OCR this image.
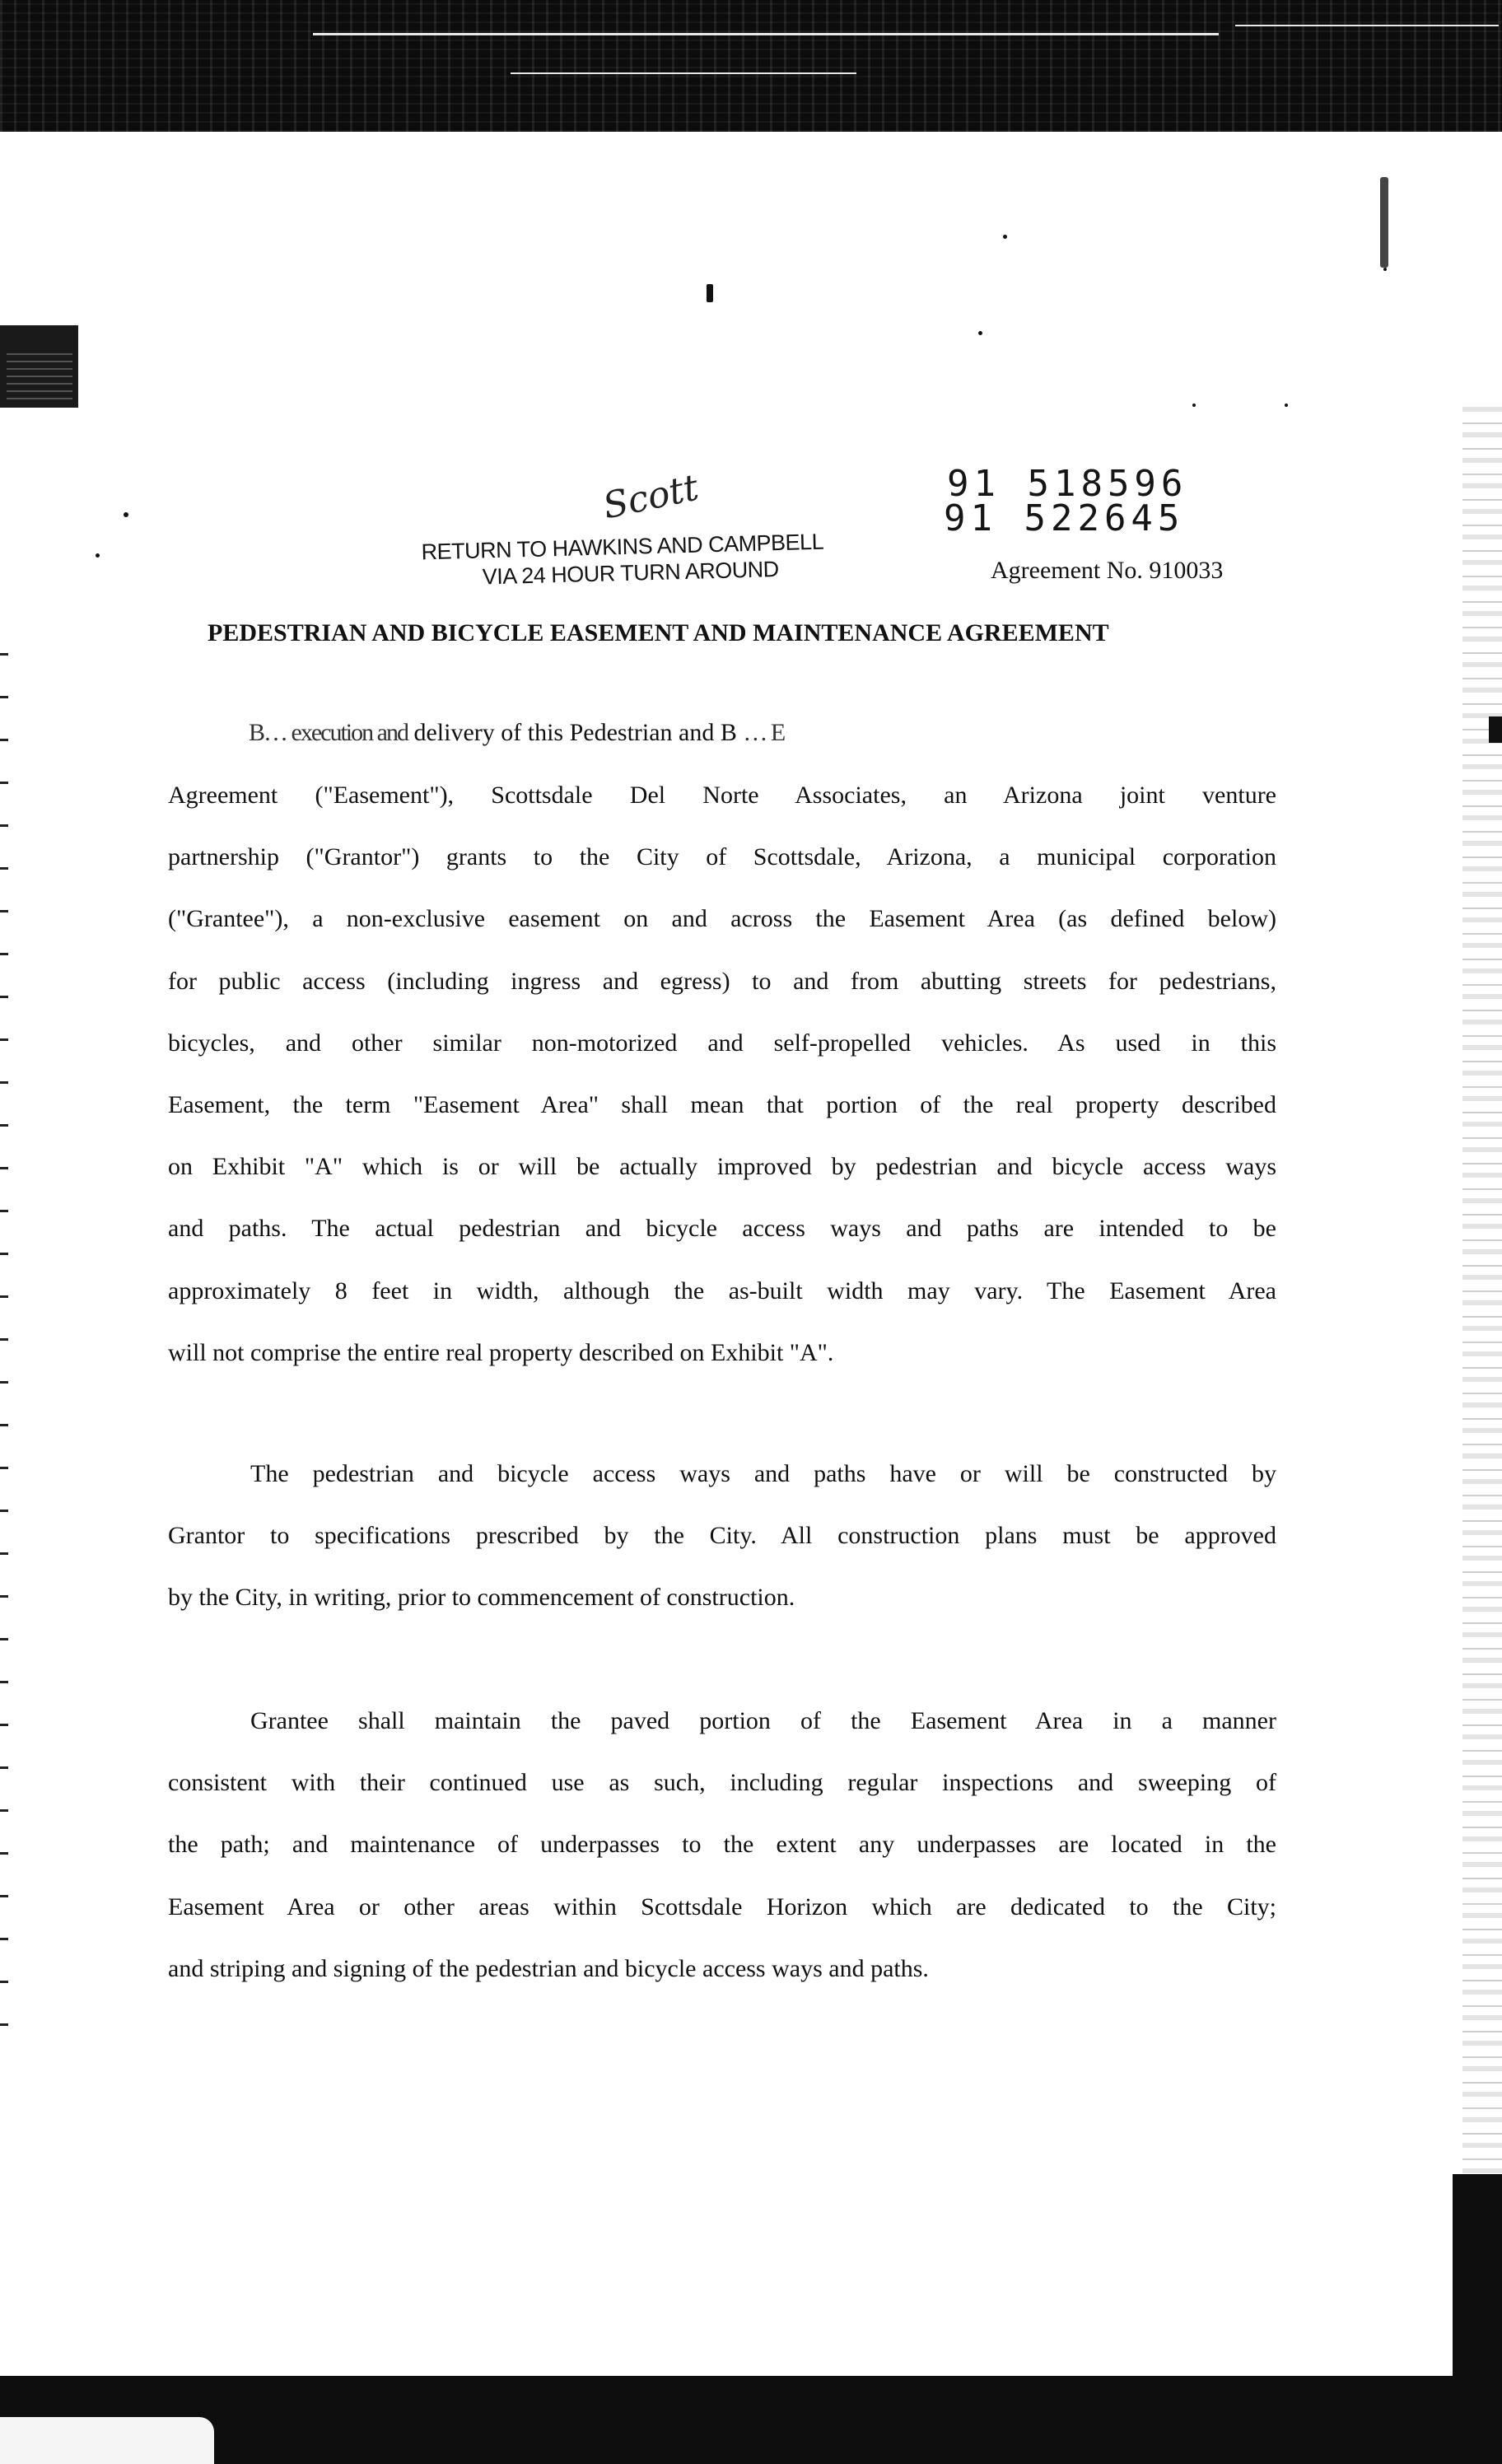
91 518596
91 522645
Scott
RETURN TO HAWKINS AND CAMPBELL
VIA 24 HOUR TURN AROUND	Agreement No. 910033
PEDESTRIAN AND BICYCLE EASEMENT AND MAINTENANCE AGREEMENT
B… execution and delivery of this Pedestrian and B … E
Agreement ("Easement"), Scottsdale Del Norte Associates, an Arizona joint venture
partnership ("Grantor") grants to the City of Scottsdale, Arizona, a municipal corporation
("Grantee"), a non-exclusive easement on and across the Easement Area (as defined below)
for public access (including ingress and egress) to and from abutting streets for pedestrians,
bicycles, and other similar non-motorized and self-propelled vehicles. As used in this
Easement, the term "Easement Area" shall mean that portion of the real property described
on Exhibit "A" which is or will be actually improved by pedestrian and bicycle access ways
and paths. The actual pedestrian and bicycle access ways and paths are intended to be
approximately 8 feet in width, although the as-built width may vary. The Easement Area
will not comprise the entire real property described on Exhibit "A".
The pedestrian and bicycle access ways and paths have or will be constructed by
Grantor to specifications prescribed by the City. All construction plans must be approved
by the City, in writing, prior to commencement of construction.
Grantee shall maintain the paved portion of the Easement Area in a manner
consistent with their continued use as such, including regular inspections and sweeping of
the path; and maintenance of underpasses to the extent any underpasses are located in the
Easement Area or other areas within Scottsdale Horizon which are dedicated to the City;
and striping and signing of the pedestrian and bicycle access ways and paths.
